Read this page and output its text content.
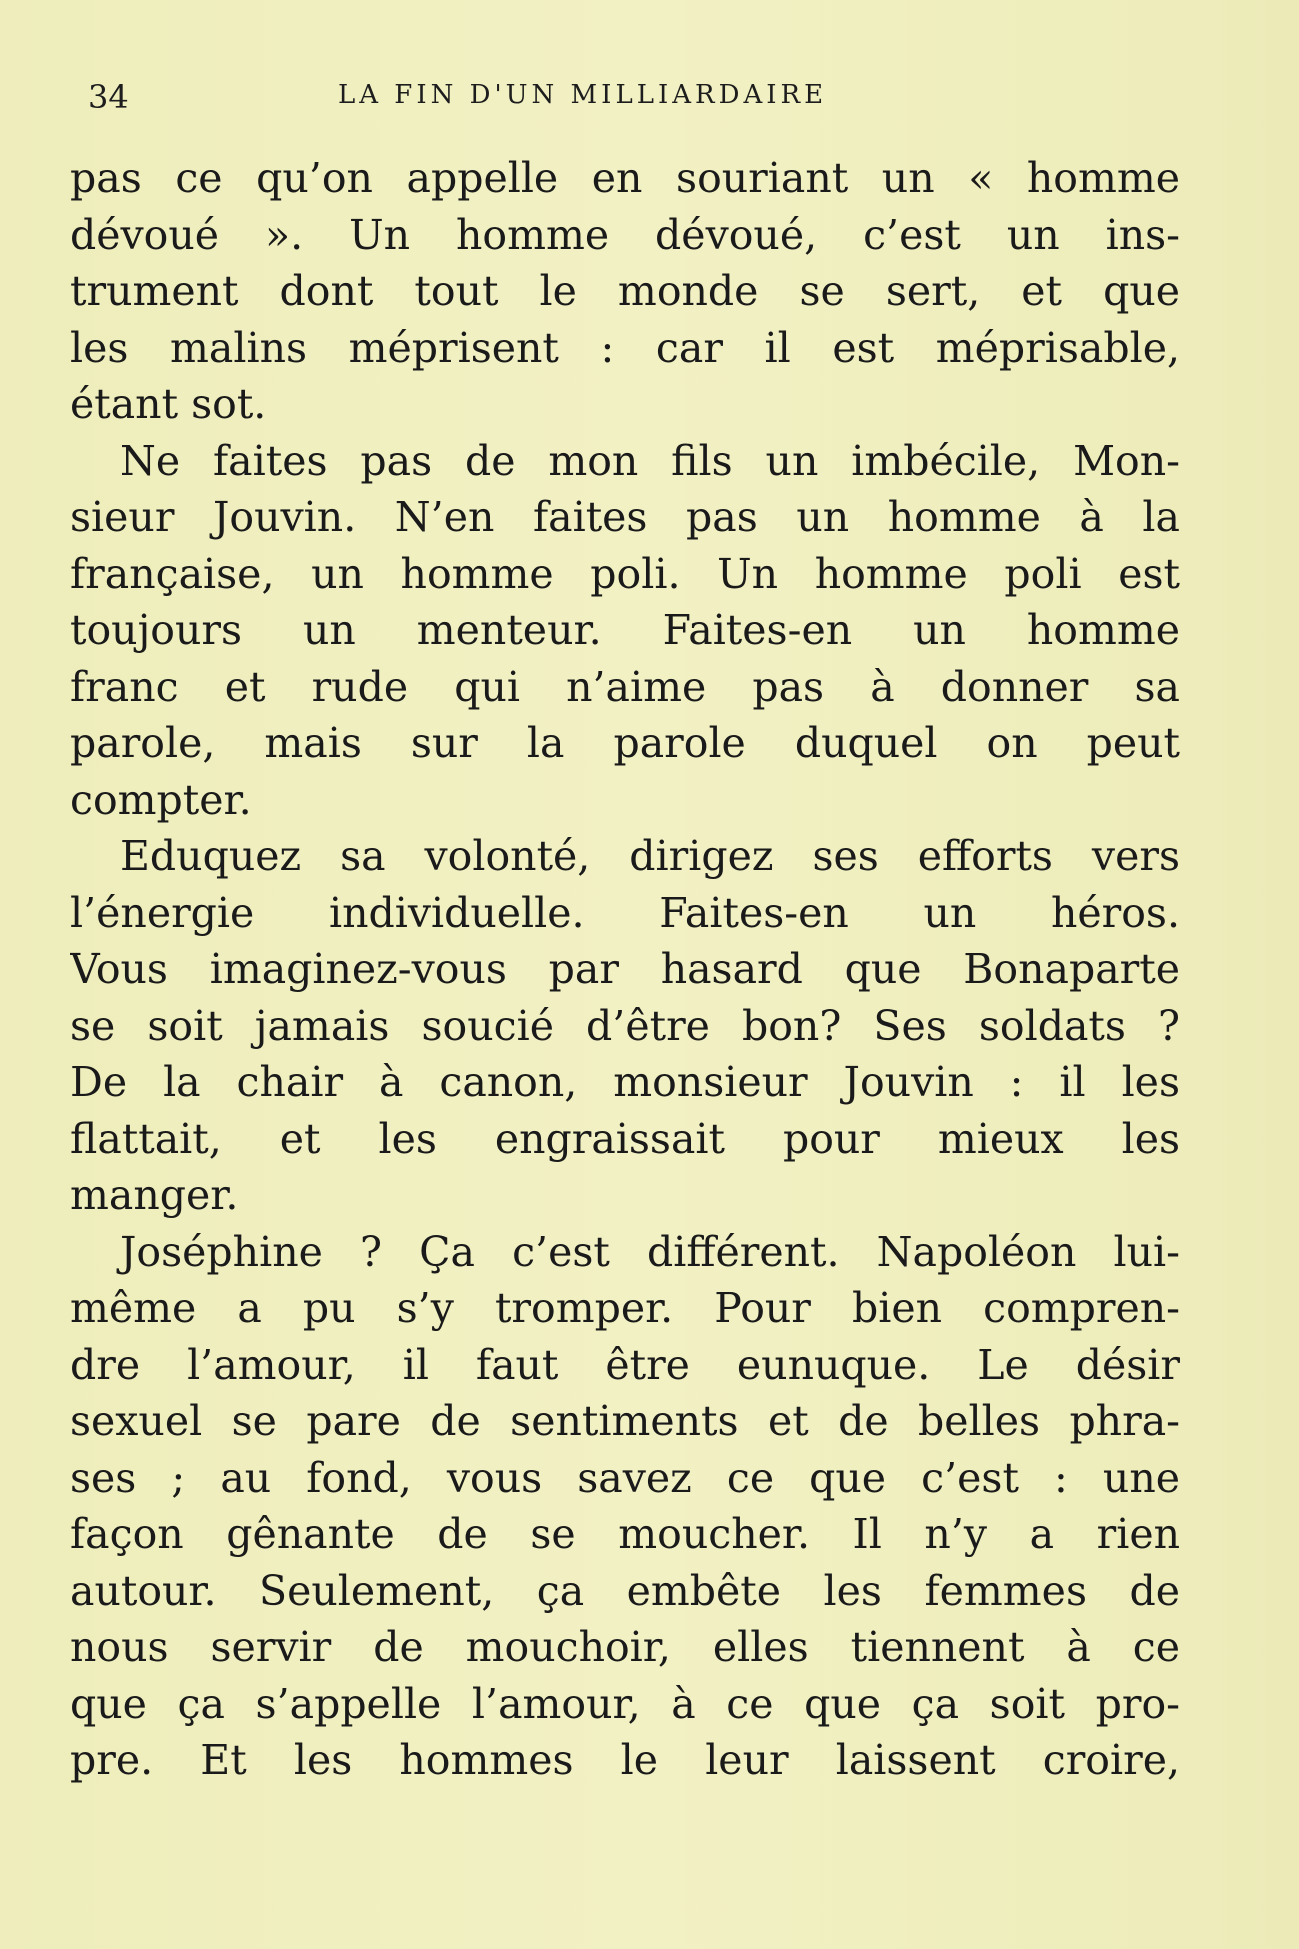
34	LA FIN D'UN MILLIARDAIRE
pas ce qu’on appelle en souriant un « homme
dévoué ». Un homme dévoué, c’est un ins-
trument dont tout le monde se sert, et que
les malins méprisent : car il est méprisable,
étant sot.
Ne faites pas de mon fils un imbécile, Mon-
sieur Jouvin. N’en faites pas un homme à la
française, un homme poli. Un homme poli est
toujours un menteur. Faites-en un homme
franc et rude qui n’aime pas à donner sa
parole, mais sur la parole duquel on peut
compter.
Eduquez sa volonté, dirigez ses efforts vers
l’énergie individuelle. Faites-en un héros.
Vous imaginez-vous par hasard que Bonaparte
se soit jamais soucié d’être bon? Ses soldats ?
De la chair à canon, monsieur Jouvin : il les
flattait, et les engraissait pour mieux les
manger.
Joséphine ? Ça c’est différent. Napoléon lui-
même a pu s’y tromper. Pour bien compren-
dre l’amour, il faut être eunuque. Le désir
sexuel se pare de sentiments et de belles phra-
ses ; au fond, vous savez ce que c’est : une
façon gênante de se moucher. Il n’y a rien
autour. Seulement, ça embête les femmes de
nous servir de mouchoir, elles tiennent à ce
que ça s’appelle l’amour, à ce que ça soit pro-
pre. Et les hommes le leur laissent croire,
